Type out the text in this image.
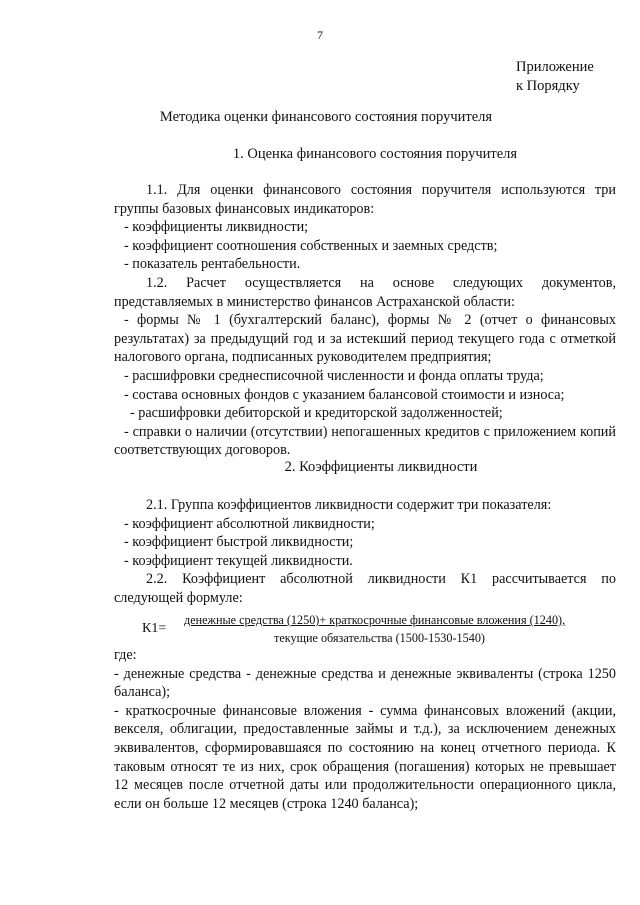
7
Приложение
к Порядку
Методика оценки финансового состояния поручителя
1. Оценка финансового состояния поручителя

1.1. Для оценки финансового состояния поручителя используются три группы базовых финансовых индикаторов:

- коэффициенты ликвидности;

- коэффициент соотношения собственных и заемных средств;

- показатель рентабельности.

1.2. Расчет осуществляется на основе следующих документов, представляемых в министерство финансов Астраханской области:

- формы № 1 (бухгалтерский баланс), формы № 2 (отчет о финансовых результатах) за предыдущий год и за истекший период текущего года с отметкой налогового органа, подписанных руководителем предприятия;

- расшифровки среднесписочной численности и фонда оплаты труда;

- состава основных фондов с указанием балансовой стоимости и износа;

- расшифровки дебиторской и кредиторской задолженностей;

- справки о наличии (отсутствии) непогашенных кредитов с приложением копий соответствующих договоров.

2. Коэффициенты ликвидности

2.1. Группа коэффициентов ликвидности содержит три показателя:

- коэффициент абсолютной ликвидности;

- коэффициент быстрой ликвидности;

- коэффициент текущей ликвидности.

2.2. Коэффициент абсолютной ликвидности К1 рассчитывается по следующей формуле:

К1=
денежные средства (1250)+ краткосрочные финансовые вложения (1240),
текущие обязательства (1500-1530-1540)

где:

- денежные средства - денежные средства и денежные эквиваленты (строка 1250 баланса);

- краткосрочные финансовые вложения - сумма финансовых вложений (акции, векселя, облигации, предоставленные займы и т.д.), за исключением денежных эквивалентов, сформировавшаяся по состоянию на конец отчетного периода. К таковым относят те из них, срок обращения (погашения) которых не превышает 12 месяцев после отчетной даты или продолжительности операционного цикла, если он больше 12 месяцев (строка 1240 баланса);
